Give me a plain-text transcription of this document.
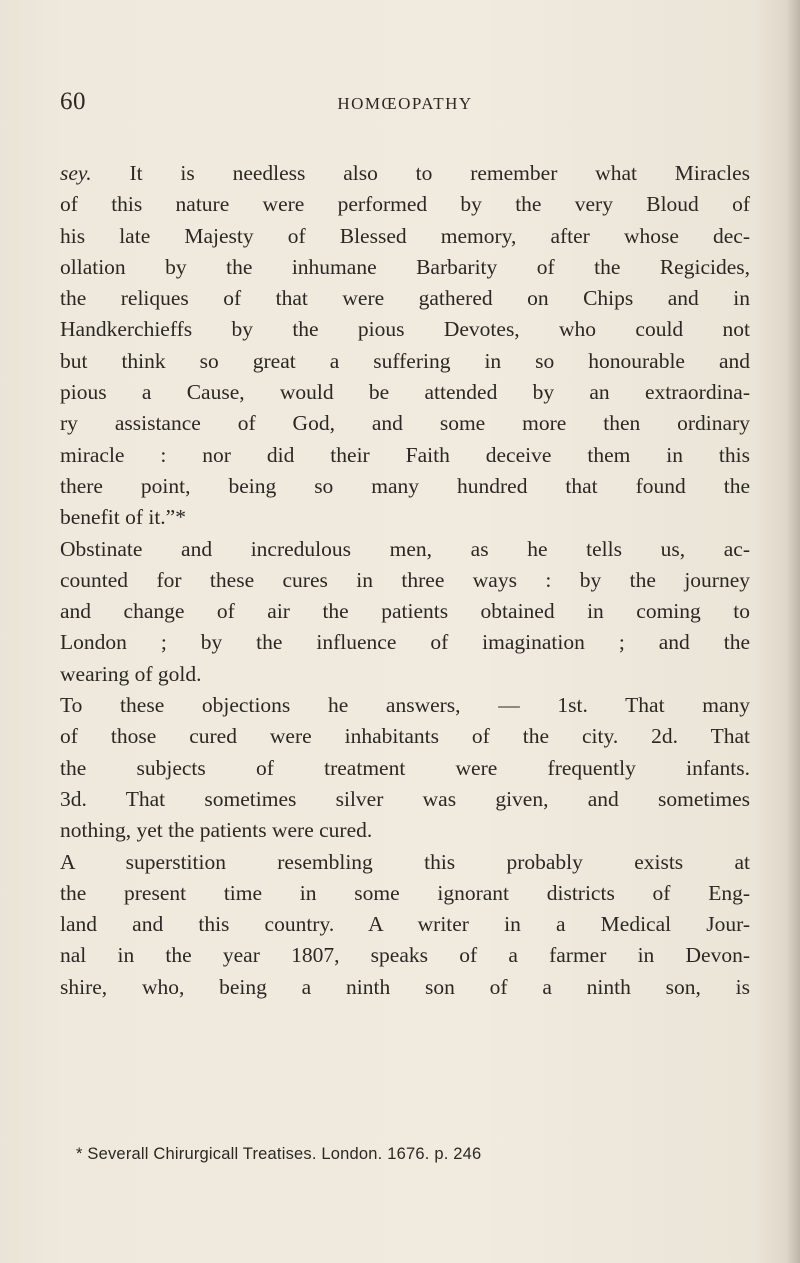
60	HOMŒOPATHY
sey. It is needless also to remember what Miracles
of this nature were performed by the very Bloud of
his late Majesty of Blessed memory, after whose dec-
ollation by the inhumane Barbarity of the Regicides,
the reliques of that were gathered on Chips and in
Handkerchieffs by the pious Devotes, who could not
but think so great a suffering in so honourable and
pious a Cause, would be attended by an extraordina-
ry assistance of God, and some more then ordinary
miracle : nor did their Faith deceive them in this
there point, being so many hundred that found the
benefit of it.”*
Obstinate and incredulous men, as he tells us, ac-
counted for these cures in three ways : by the journey
and change of air the patients obtained in coming to
London ; by the influence of imagination ; and the
wearing of gold.
To these objections he answers, — 1st. That many
of those cured were inhabitants of the city. 2d. That
the subjects of treatment were frequently infants.
3d. That sometimes silver was given, and sometimes
nothing, yet the patients were cured.
A superstition resembling this probably exists at
the present time in some ignorant districts of Eng-
land and this country. A writer in a Medical Jour-
nal in the year 1807, speaks of a farmer in Devon-
shire, who, being a ninth son of a ninth son, is
* Severall Chirurgicall Treatises. London. 1676. p. 246
